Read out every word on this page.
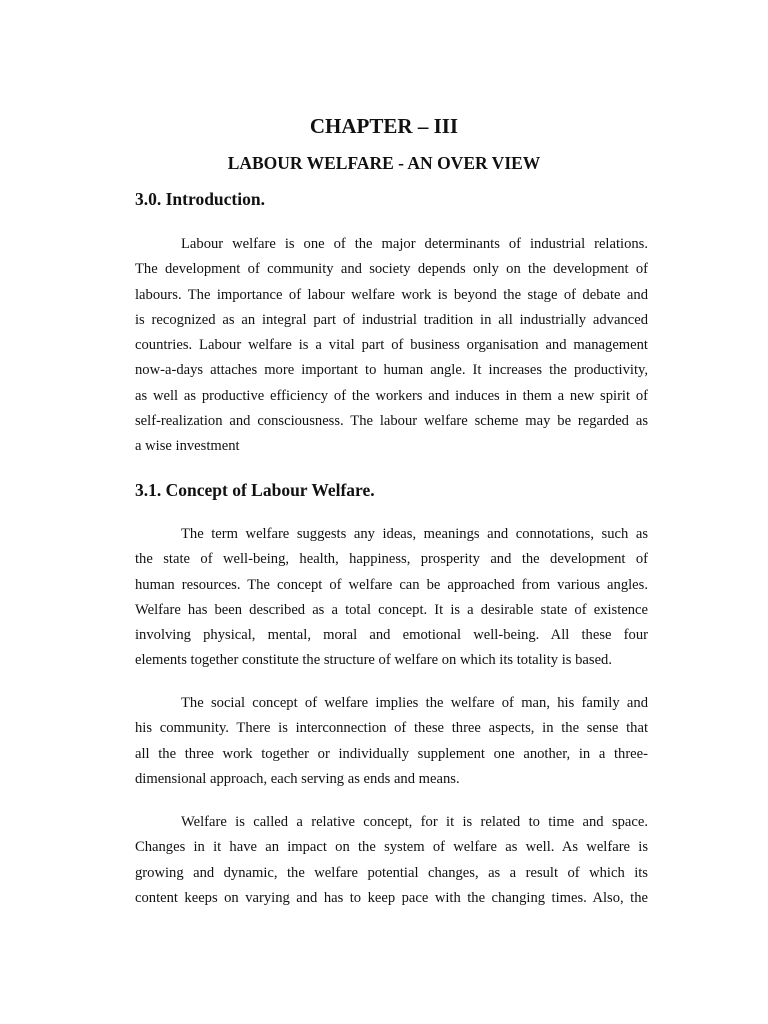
CHAPTER – III
LABOUR WELFARE - AN OVER VIEW
3.0. Introduction.
Labour welfare is one of the major determinants of industrial relations.
The development of community and society depends only on the development of
labours. The importance of labour welfare work is beyond the stage of debate and
is recognized as an integral part of industrial tradition in all industrially advanced
countries. Labour welfare is a vital part of business organisation and management
now-a-days attaches more important to human angle. It increases the productivity,
as well as productive efficiency of the workers and induces in them a new spirit of
self-realization and consciousness. The labour welfare scheme may be regarded as
a wise investment
3.1. Concept of Labour Welfare.
The term welfare suggests any ideas, meanings and connotations, such as
the state of well-being, health, happiness, prosperity and the development of
human resources. The concept of welfare can be approached from various angles.
Welfare has been described as a total concept. It is a desirable state of existence
involving physical, mental, moral and emotional well-being. All these four
elements together constitute the structure of welfare on which its totality is based.
The social concept of welfare implies the welfare of man, his family and
his community. There is interconnection of these three aspects, in the sense that
all the three work together or individually supplement one another, in a three-
dimensional approach, each serving as ends and means.
Welfare is called a relative concept, for it is related to time and space.
Changes in it have an impact on the system of welfare as well. As welfare is
growing and dynamic, the welfare potential changes, as a result of which its
content keeps on varying and has to keep pace with the changing times. Also, the
